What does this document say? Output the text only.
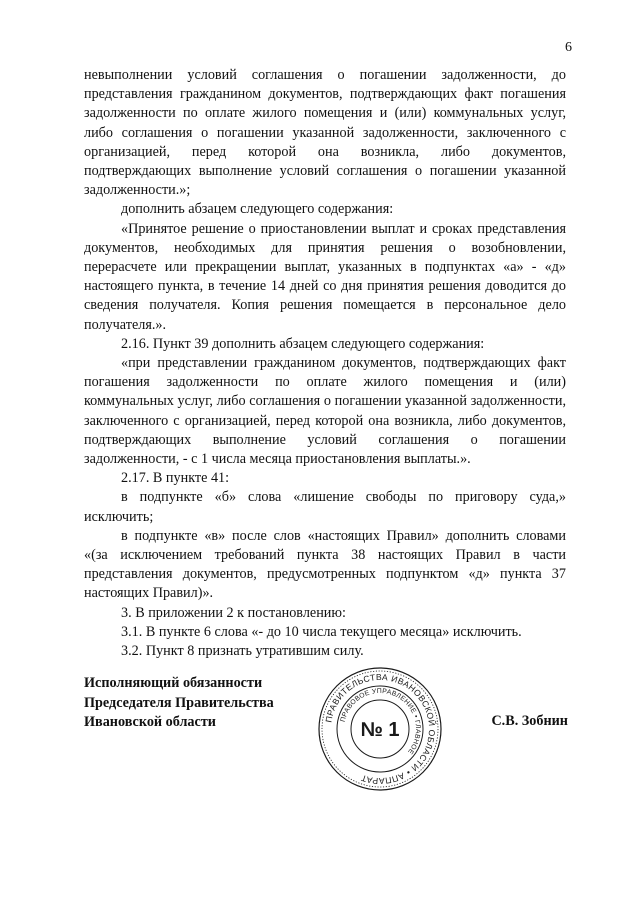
6

невыполнении условий соглашения о погашении задолженности, до представления гражданином документов, подтверждающих факт погашения задолженности по оплате жилого помещения и (или) коммунальных услуг, либо соглашения о погашении указанной задолженности, заключенного с организацией, перед которой она возникла, либо документов, подтверждающих выполнение условий соглашения о погашении указанной задолженности.»;

дополнить абзацем следующего содержания:

«Принятое решение о приостановлении выплат и сроках представления документов, необходимых для принятия решения о возобновлении, перерасчете или прекращении выплат, указанных в подпунктах «а» - «д» настоящего пункта, в течение 14 дней со дня принятия решения доводится до сведения получателя. Копия решения помещается в персональное дело получателя.».

2.16. Пункт 39 дополнить абзацем следующего содержания:

«при представлении гражданином документов, подтверждающих факт погашения задолженности по оплате жилого помещения и (или) коммунальных услуг, либо соглашения о погашении указанной задолженности, заключенного с организацией, перед которой она возникла, либо документов, подтверждающих выполнение условий соглашения о погашении задолженности, - с 1 числа месяца приостановления выплаты.».

2.17. В пункте 41:

в подпункте «б» слова «лишение свободы по приговору суда,» исключить;

в подпункте «в» после слов «настоящих Правил» дополнить словами «(за исключением требований пункта 38 настоящих Правил в части представления документов, предусмотренных подпунктом «д» пункта 37 настоящих Правил)».

3. В приложении 2 к постановлению:

3.1. В пункте 6 слова «- до 10 числа текущего месяца» исключить.

3.2. Пункт 8 признать утратившим силу.

Исполняющий обязанности
Председателя Правительства
Ивановской области	С.В. Зобнин
ПРАВИТЕЛЬСТВА ИВАНОВСКОЙ ОБЛАСТИ • АППАРАТ
ПРАВОВОЕ УПРАВЛЕНИЕ • ГЛАВНОЕ
№ 1
